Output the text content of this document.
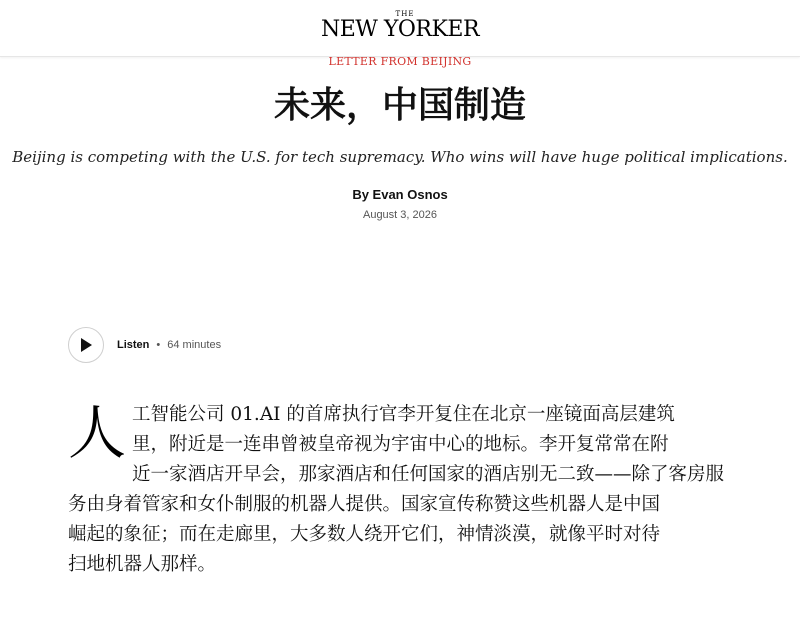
THE
NEW YORKER
LETTER FROM BEIJING
未来，中国制造
Beijing is competing with the U.S. for tech supremacy. Who wins will have huge political implications.
By Evan Osnos
August 3, 2026
Listen • 64 minutes
人 工智能公司 01.AI 的首席执行官李开复住在北京一座镜面高层建筑
里，附近是一连串曾被皇帝视为宇宙中心的地标。李开复常常在附
近一家酒店开早会，那家酒店和任何国家的酒店别无二致——除了客房服
务由身着管家和女仆制服的机器人提供。国家宣传称赞这些机器人是中国
崛起的象征；而在走廊里，大多数人绕开它们，神情淡漠，就像平时对待
扫地机器人那样。
